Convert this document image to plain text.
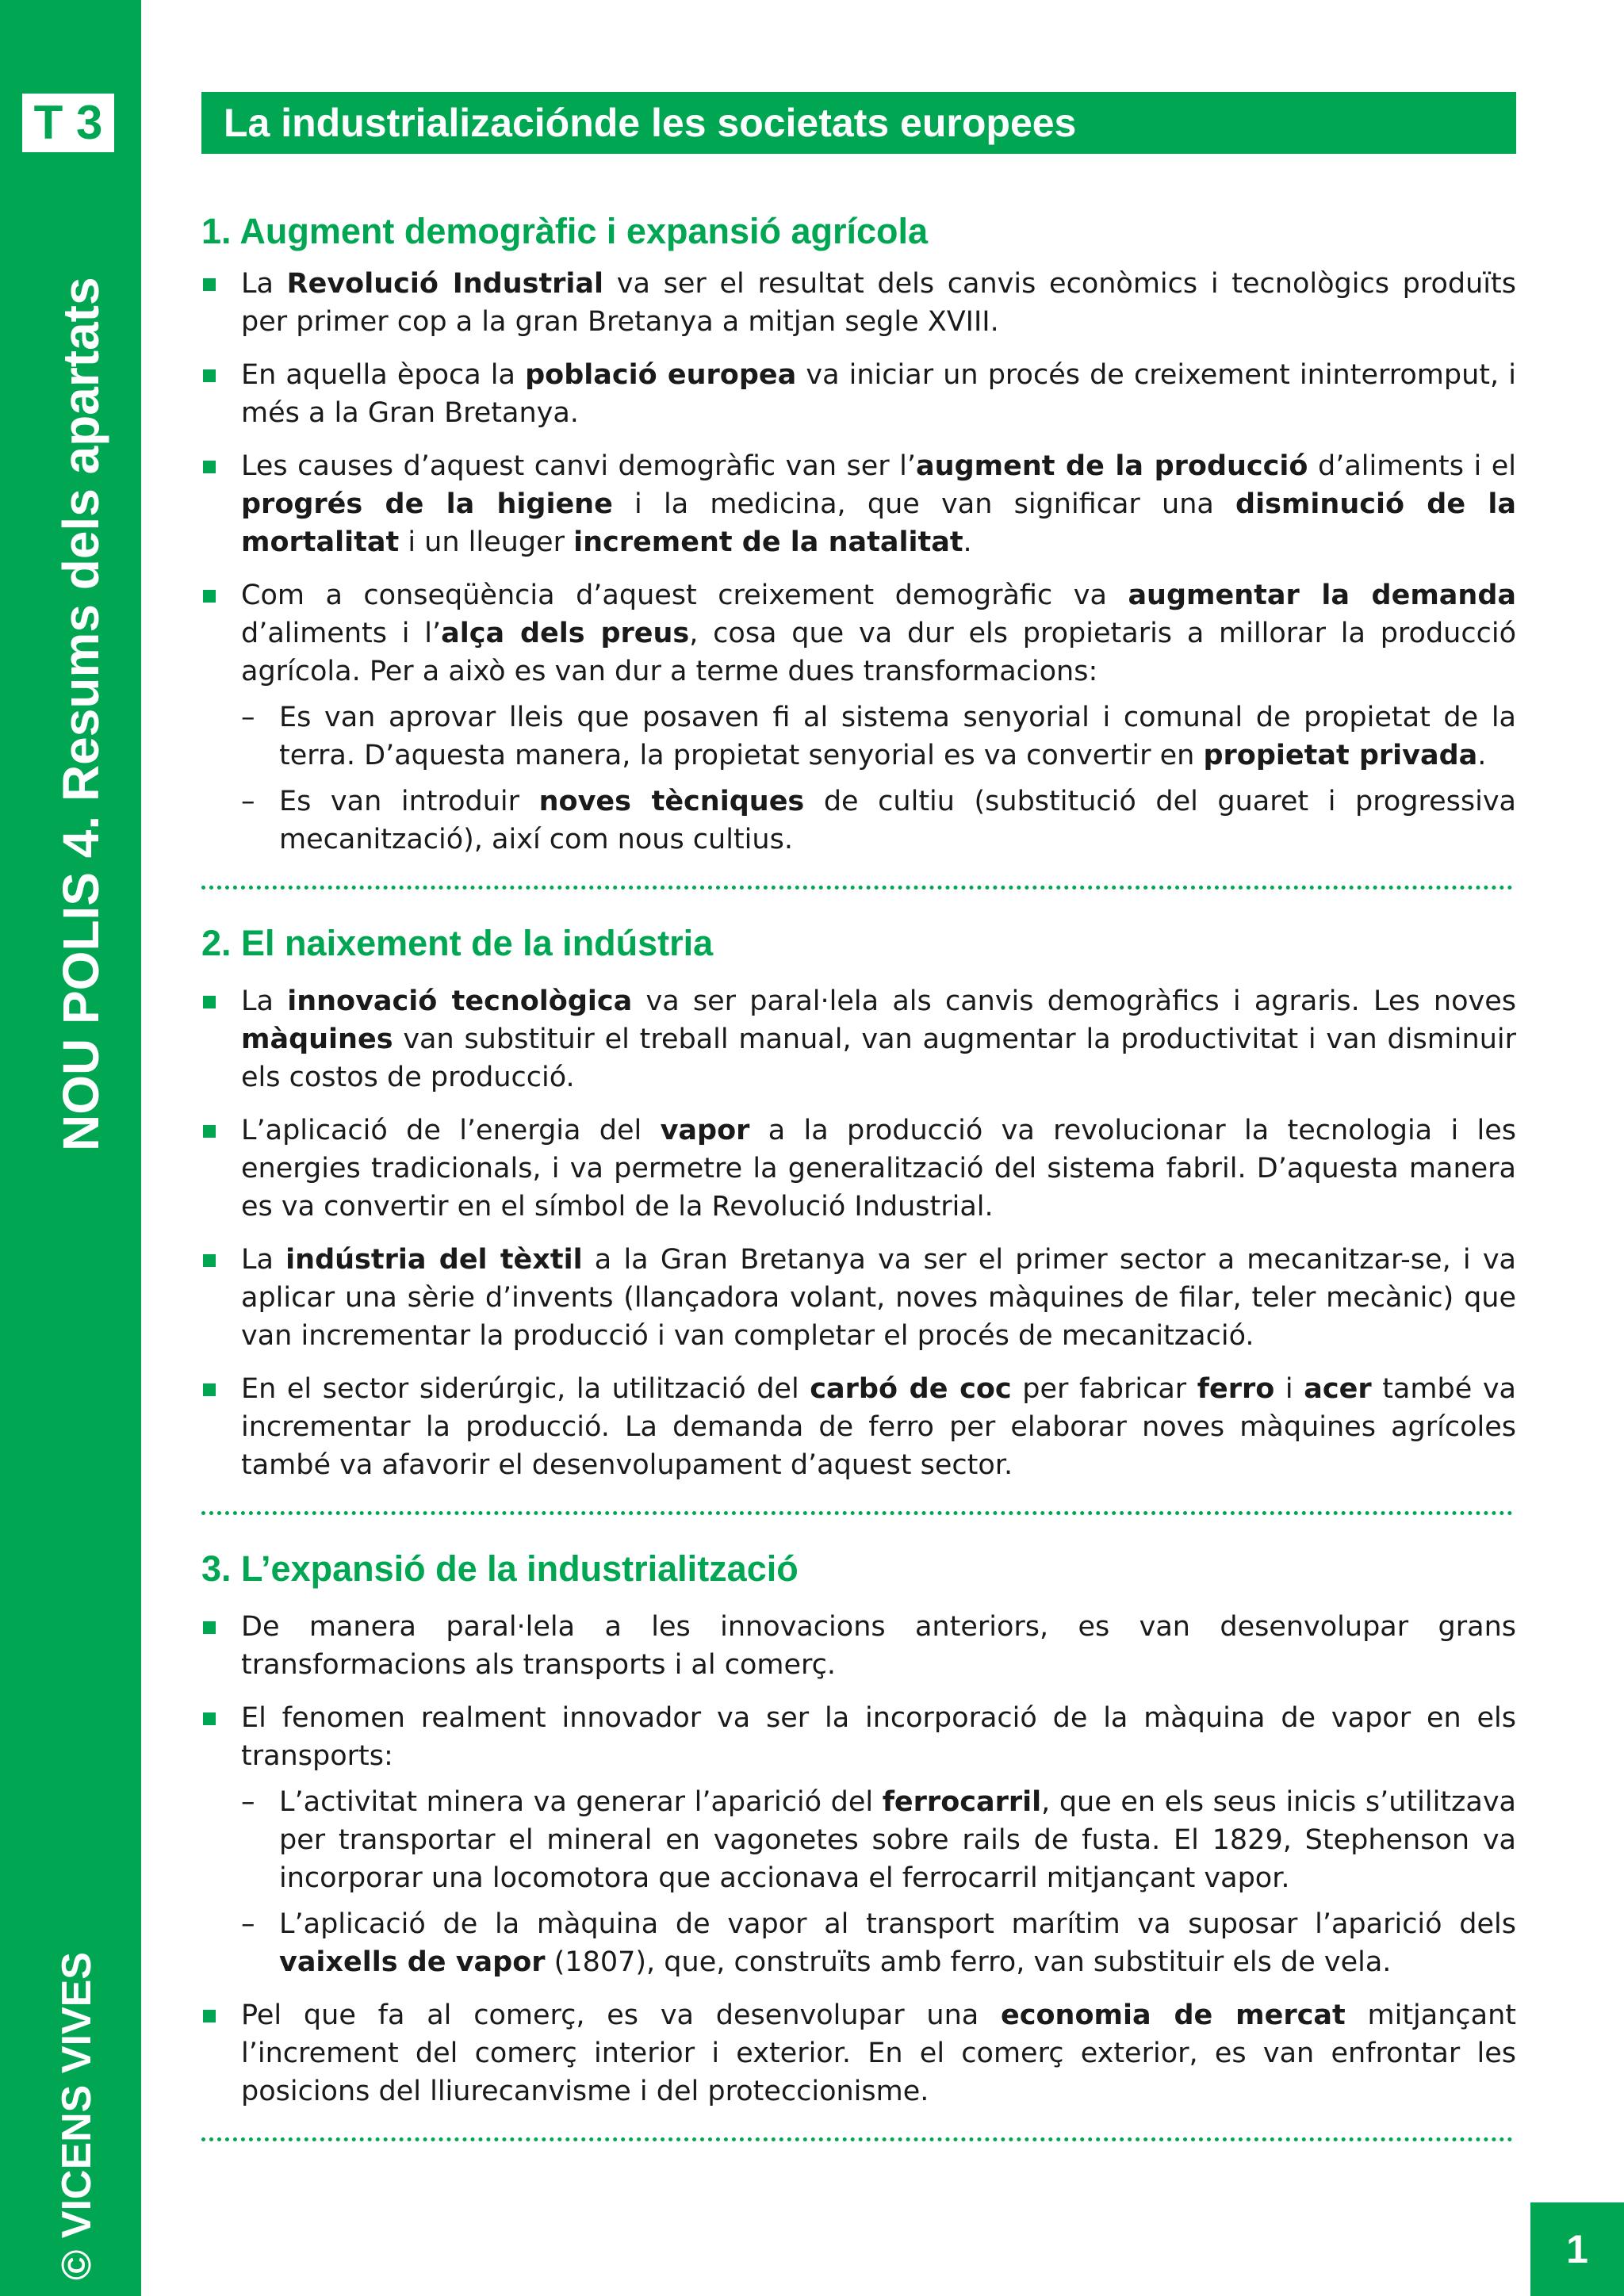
T 3
NOU POLIS 4. Resums dels apartats
© VICENS VIVES
La industrializaciónde les societats europees
1. Augment demogràfic i expansió agrícola
La Revolució Industrial va ser el resultat dels canvis econòmics i tecnològics produïts per primer cop a la gran Bretanya a mitjan segle XVIII.
En aquella època la població europea va iniciar un procés de creixement ininterromput, i més a la Gran Bretanya.
Les causes d’aquest canvi demogràfic van ser l’augment de la producció d’aliments i el progrés de la higiene i la medicina, que van significar una disminució de la mortalitat i un lleuger increment de la natalitat.
Com a conseqüència d’aquest creixement demogràfic va augmentar la demanda d’aliments i l’alça dels preus, cosa que va dur els propietaris a millorar la producció agrícola. Per a això es van dur a terme dues transformacions:
– Es van aprovar lleis que posaven fi al sistema senyorial i comunal de propietat de la terra. D’aquesta manera, la propietat senyorial es va convertir en propietat privada.
– Es van introduir noves tècniques de cultiu (substitució del guaret i progressiva mecanització), així com nous cultius.
2. El naixement de la indústria
La innovació tecnològica va ser paral·lela als canvis demogràfics i agraris. Les noves màquines van substituir el treball manual, van augmentar la productivitat i van disminuir els costos de producció.
L’aplicació de l’energia del vapor a la producció va revolucionar la tecnologia i les energies tradicionals, i va permetre la generalització del sistema fabril. D’aquesta manera es va convertir en el símbol de la Revolució Industrial.
La indústria del tèxtil a la Gran Bretanya va ser el primer sector a mecanitzar-se, i va aplicar una sèrie d’invents (llançadora volant, noves màquines de filar, teler mecànic) que van incrementar la producció i van completar el procés de mecanització.
En el sector siderúrgic, la utilització del carbó de coc per fabricar ferro i acer també va incrementar la producció. La demanda de ferro per elaborar noves màquines agrícoles també va afavorir el desenvolupament d’aquest sector.
3. L’expansió de la industrialització
De manera paral·lela a les innovacions anteriors, es van desenvolupar grans transformacions als transports i al comerç.
El fenomen realment innovador va ser la incorporació de la màquina de vapor en els transports:
– L’activitat minera va generar l’aparició del ferrocarril, que en els seus inicis s’utilitzava per transportar el mineral en vagonetes sobre rails de fusta. El 1829, Stephenson va incorporar una locomotora que accionava el ferrocarril mitjançant vapor.
– L’aplicació de la màquina de vapor al transport marítim va suposar l’aparició dels vaixells de vapor (1807), que, construïts amb ferro, van substituir els de vela.
Pel que fa al comerç, es va desenvolupar una economia de mercat mitjançant l’increment del comerç interior i exterior. En el comerç exterior, es van enfrontar les posicions del lliurecanvisme i del proteccionisme.
1
